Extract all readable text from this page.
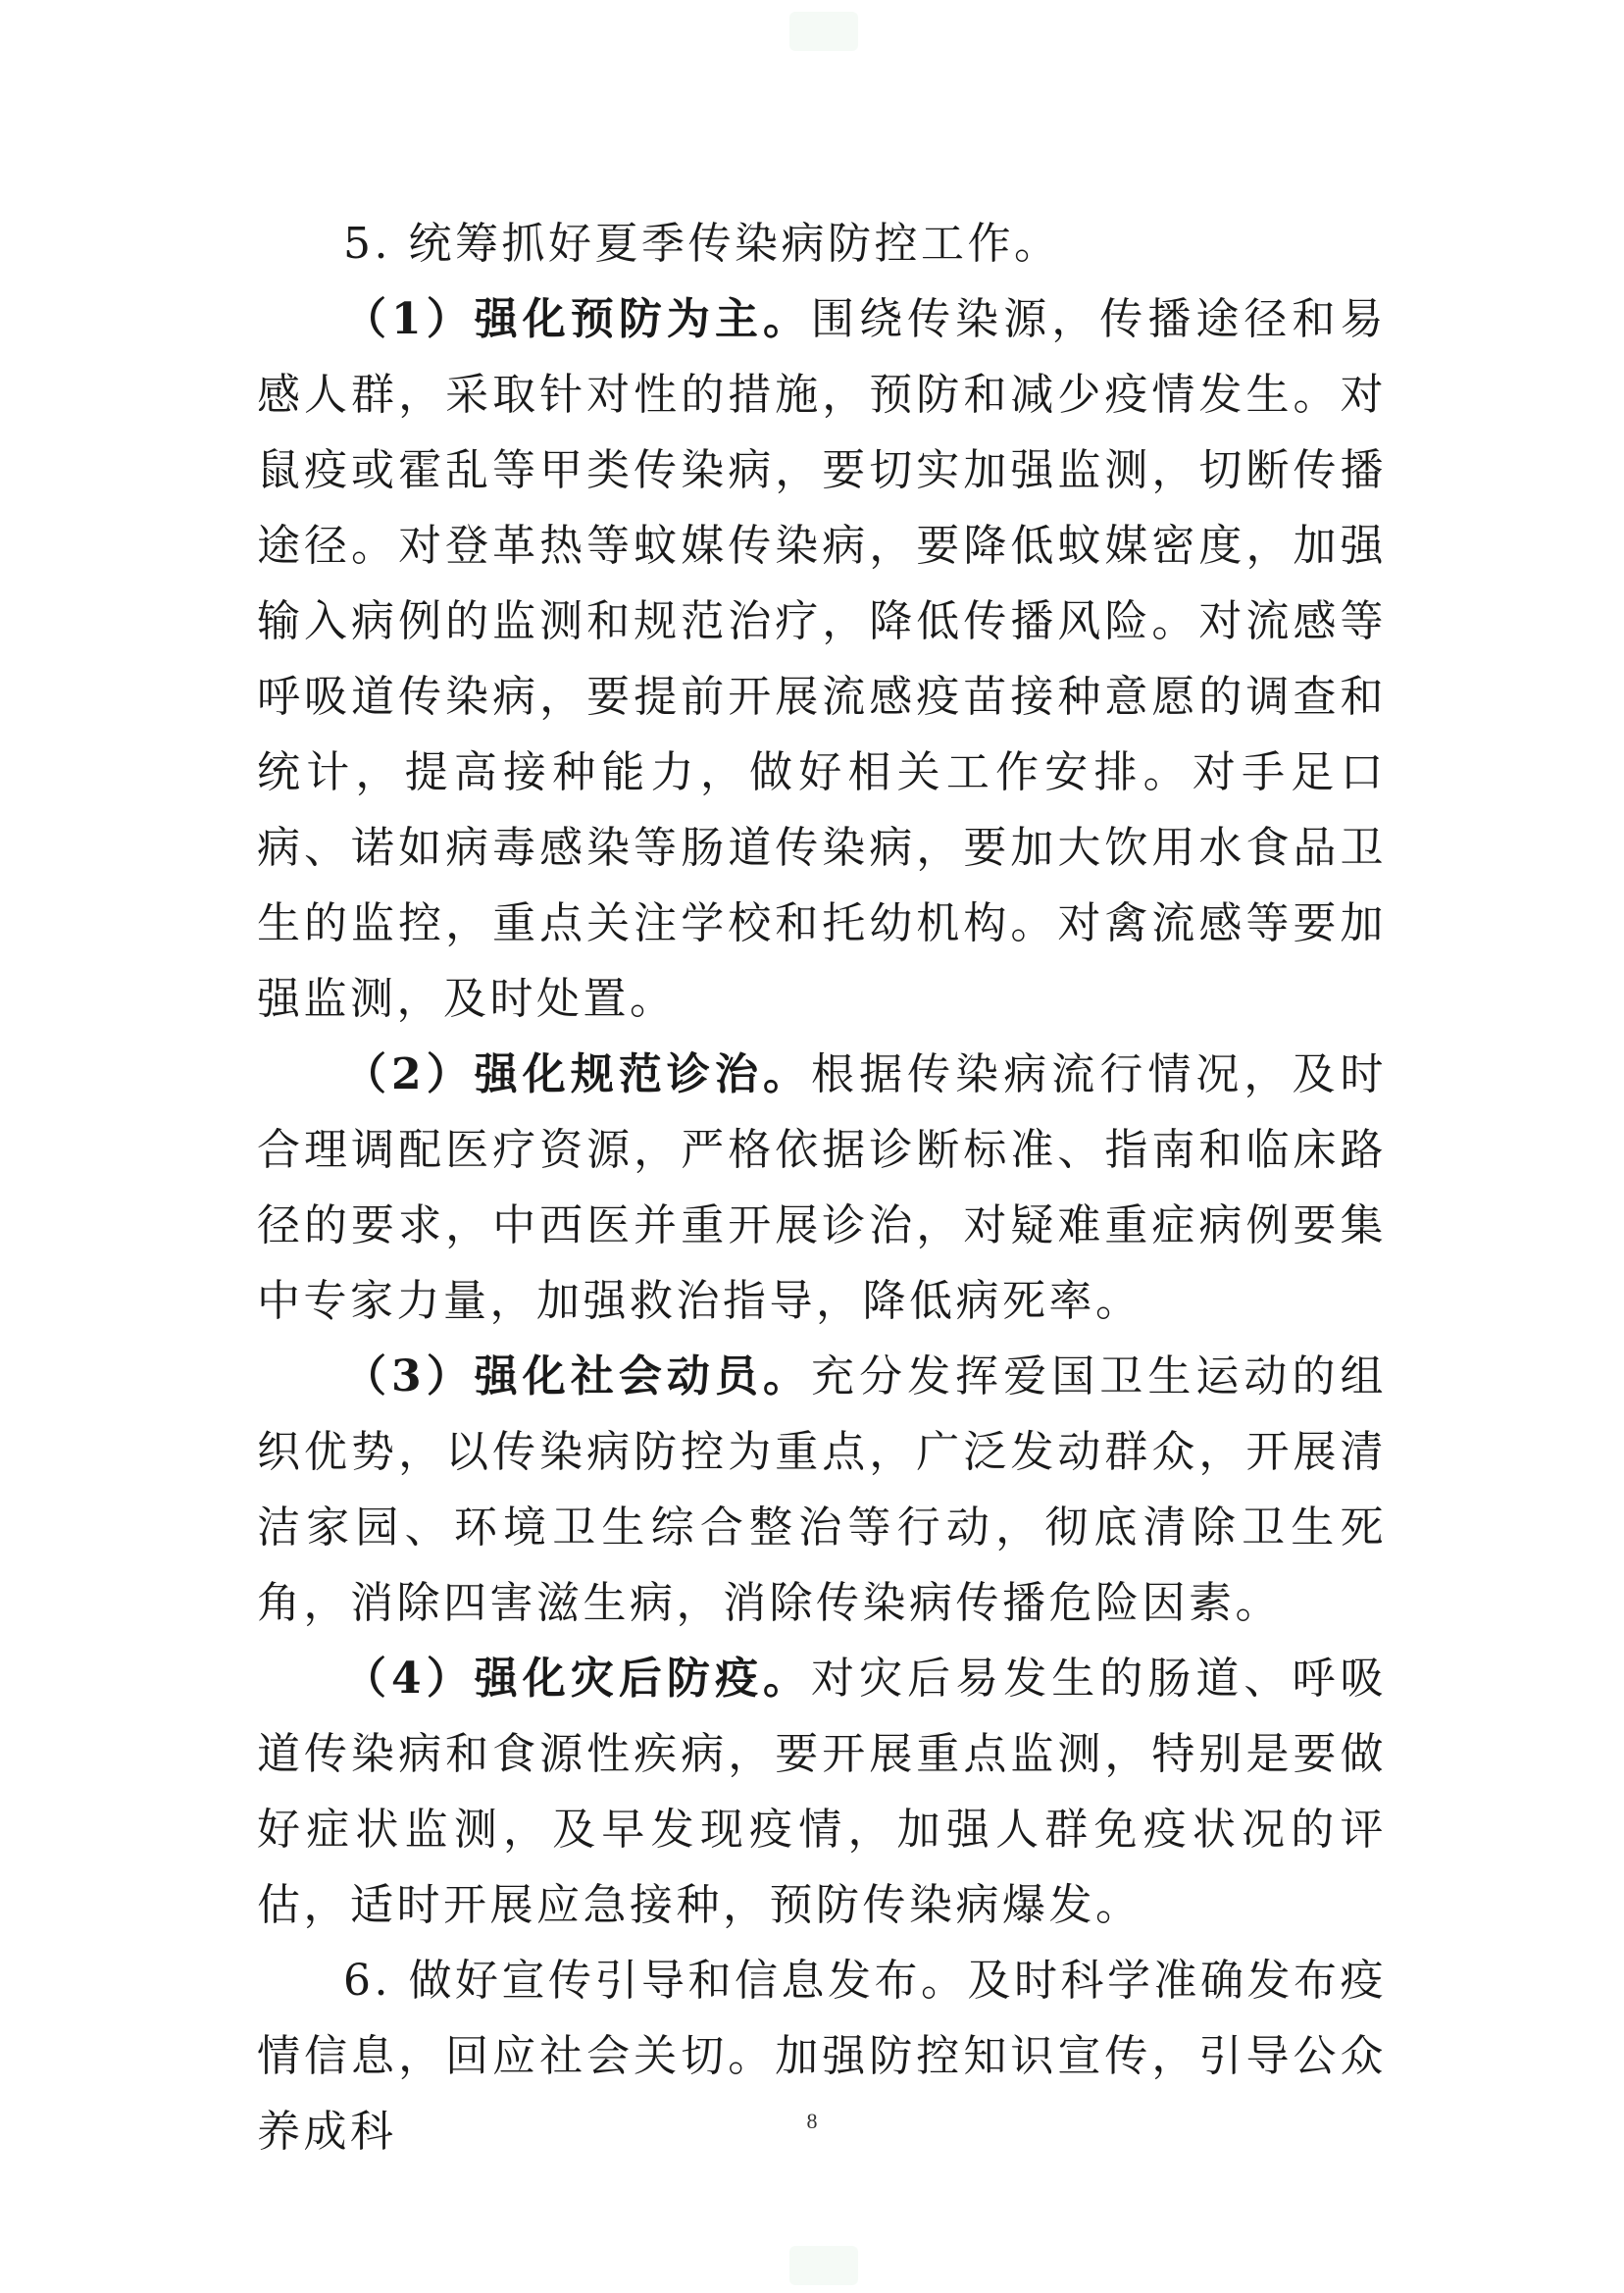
5. 统筹抓好夏季传染病防控工作。

（1）强化预防为主。围绕传染源，传播途径和易感人群，采取针对性的措施，预防和减少疫情发生。对鼠疫或霍乱等甲类传染病，要切实加强监测，切断传播途径。对登革热等蚊媒传染病，要降低蚊媒密度，加强输入病例的监测和规范治疗，降低传播风险。对流感等呼吸道传染病，要提前开展流感疫苗接种意愿的调查和统计，提高接种能力，做好相关工作安排。对手足口病、诺如病毒感染等肠道传染病，要加大饮用水食品卫生的监控，重点关注学校和托幼机构。对禽流感等要加强监测，及时处置。

（2）强化规范诊治。根据传染病流行情况，及时合理调配医疗资源，严格依据诊断标准、指南和临床路径的要求，中西医并重开展诊治，对疑难重症病例要集中专家力量，加强救治指导，降低病死率。

（3）强化社会动员。充分发挥爱国卫生运动的组织优势，以传染病防控为重点，广泛发动群众，开展清洁家园、环境卫生综合整治等行动，彻底清除卫生死角，消除四害滋生病，消除传染病传播危险因素。

（4）强化灾后防疫。对灾后易发生的肠道、呼吸道传染病和食源性疾病，要开展重点监测，特别是要做好症状监测，及早发现疫情，加强人群免疫状况的评估，适时开展应急接种，预防传染病爆发。

6. 做好宣传引导和信息发布。及时科学准确发布疫情信息，回应社会关切。加强防控知识宣传，引导公众养成科	8
